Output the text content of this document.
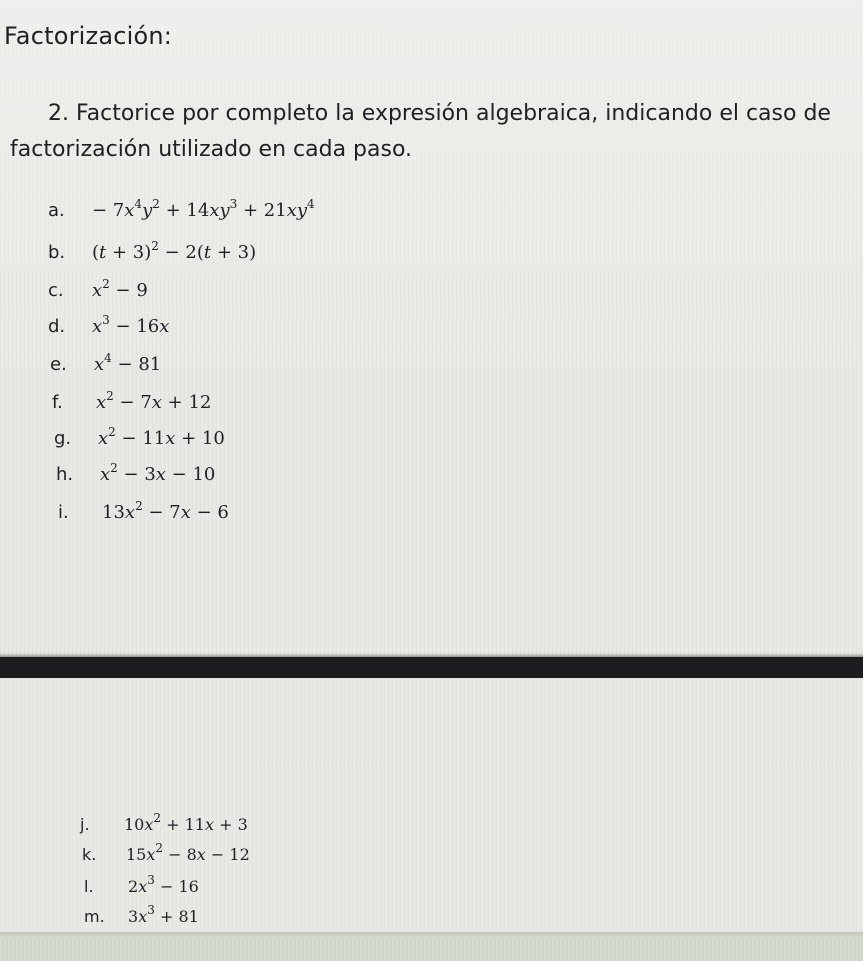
Factorización:
2. Factorice por completo la expresión algebraica, indicando el caso de
factorización utilizado en cada paso.
a. − $7x^4y^2 + 14xy^3 + 21xy^4$
b. $(t + 3)^2 - 2(t + 3)$
c. $x^2 - 9$
d. $x^3 - 16x$
e. $x^4 - 81$
f. $x^2 - 7x + 12$
g. $x^2 - 11x + 10$
h. $x^2 - 3x - 10$
i. $13x^2 - 7x - 6$
j. $10x^2 + 11x + 3$
k. $15x^2 - 8x - 12$
l. $2x^3 - 16$
m. $3x^3 + 81$
